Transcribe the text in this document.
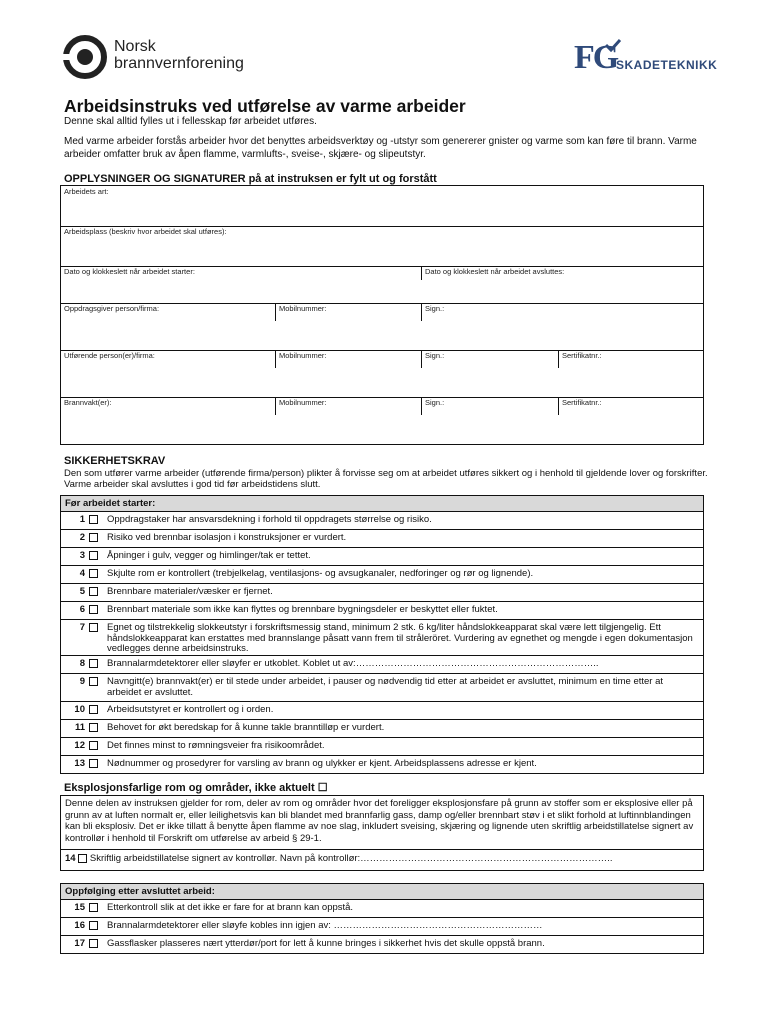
Norsk
brannvernforening	FG
SKADETEKNIKK
Arbeidsinstruks ved utførelse av varme arbeider
Denne skal alltid fylles ut i fellesskap før arbeidet utføres.
Med varme arbeider forstås arbeider hvor det benyttes arbeidsverktøy og -utstyr som genererer gnister og varme som kan føre til brann. Varme arbeider omfatter bruk av åpen flamme, varmlufts-, sveise-, skjære- og slipeutstyr.
OPPLYSNINGER OG SIGNATURER på at instruksen er fylt ut og forstått
Arbeidets art:
Arbeidsplass (beskriv hvor arbeidet skal utføres):
Dato og klokkeslett når arbeidet starter:	Dato og klokkeslett når arbeidet avsluttes:
Oppdragsgiver person/firma:	Mobilnummer:	Sign.:
Utførende person(er)/firma:	Mobilnummer:	Sign.:	Sertifikatnr.:
Brannvakt(er):	Mobilnummer:	Sign.:	Sertifikatnr.:
SIKKERHETSKRAV
Den som utfører varme arbeider (utførende firma/person) plikter å forvisse seg om at arbeidet utføres sikkert og i henhold til gjeldende lover og forskrifter. Varme arbeider skal avsluttes i god tid før arbeidstidens slutt.
Før arbeidet starter:		
1		Oppdragstaker har ansvarsdekning i forhold til oppdragets størrelse og risiko.
2		Risiko ved brennbar isolasjon i konstruksjoner er vurdert.
3		Åpninger i gulv, vegger og himlinger/tak er tettet.
4		Skjulte rom er kontrollert (trebjelkelag, ventilasjons- og avsugkanaler, nedforinger og rør og lignende).
5		Brennbare materialer/væsker er fjernet.
6		Brennbart materiale som ikke kan flyttes og brennbare bygningsdeler er beskyttet eller fuktet.
7		Egnet og tilstrekkelig slokkeutstyr i forskriftsmessig stand, minimum 2 stk. 6 kg/liter håndslokkeapparat skal være lett tilgjengelig. Ett håndslokkeapparat kan erstattes med brannslange påsatt vann frem til stråleröret. Vurdering av egnethet og mengde i egen dokumentasjon vedlegges denne arbeidsinstruks.
8		Brannalarmdetektorer eller sløyfer er utkoblet. Koblet ut av:…………………………………………………………………..
9		Navngitt(e) brannvakt(er) er til stede under arbeidet, i pauser og nødvendig tid etter at arbeidet er avsluttet, minimum en time etter at arbeidet er avsluttet.
10		Arbeidsutstyret er kontrollert og i orden.
11		Behovet for økt beredskap for å kunne takle branntilløp er vurdert.
12		Det finnes minst to rømningsveier fra risikoområdet.
13		Nødnummer og prosedyrer for varsling av brann og ulykker er kjent. Arbeidsplassens adresse er kjent.
Eksplosjonsfarlige rom og områder, ikke aktuelt ☐
Denne delen av instruksen gjelder for rom, deler av rom og områder hvor det foreligger eksplosjonsfare på grunn av stoffer som er eksplosive eller på grunn av at luften normalt er, eller leilighetsvis kan bli blandet med brannfarlig gass, damp og/eller brennbart støv i et slikt forhold at luftinnblandingen kan bli eksplosiv. Det er ikke tillatt å benytte åpen flamme av noe slag, inkludert sveising, skjæring og lignende uten skriftlig arbeidstillatelse signert av kontrollør i henhold til Forskrift om utførelse av arbeid § 29-1.
14 Skriftlig arbeidstillatelse signert av kontrollør. Navn på kontrollør:……………………………………………………………………..
Oppfølging etter avsluttet arbeid:		
15		Etterkontroll slik at det ikke er fare for at brann kan oppstå.
16		Brannalarmdetektorer eller sløyfe kobles inn igjen av: …………………………………………………………
17		Gassflasker plasseres nært ytterdør/port for lett å kunne bringes i sikkerhet hvis det skulle oppstå brann.
